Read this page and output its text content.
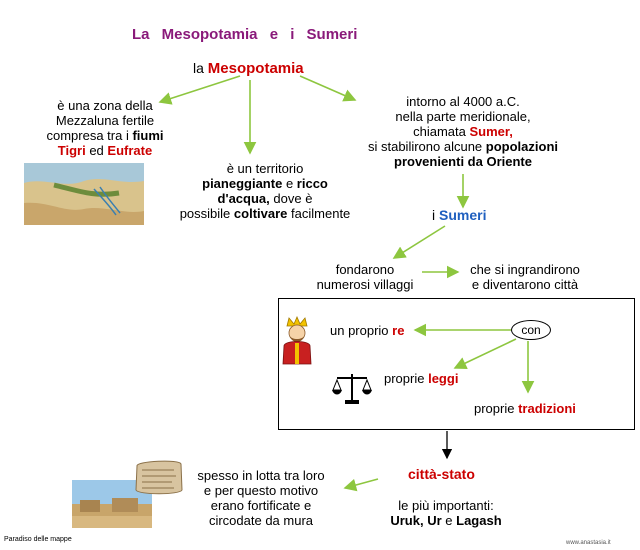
La Mesopotamia e i Sumeri
la Mesopotamia
è una zona della
Mezzaluna fertile
compresa tra i fiumi
Tigri ed Eufrate
è un territorio
pianeggiante e ricco
d'acqua, dove è
possibile coltivare facilmente
intorno al 4000 a.C.
nella parte meridionale,
chiamata Sumer,
si stabilirono alcune popolazioni
provenienti da Oriente
i Sumeri
fondarono
numerosi villaggi
che si ingrandirono
e diventarono città
con
un proprio re
proprie leggi
proprie tradizioni
città-stato
spesso in lotta tra loro
e per questo motivo
erano fortificate e
circodate da mura
le più importanti:
Uruk, Ur e Lagash
Paradiso delle mappe	www.anastasia.it
